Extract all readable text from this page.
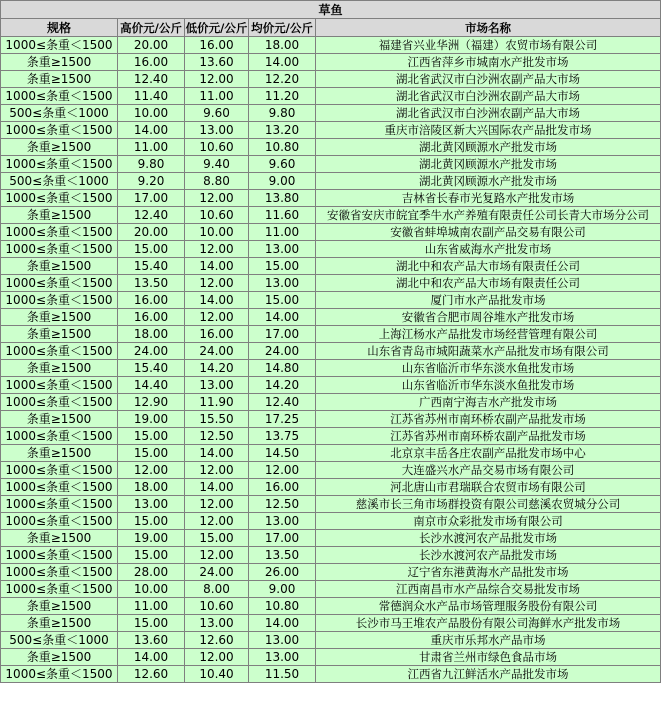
草鱼				
规格	高价元/公斤	低价元/公斤	均价元/公斤	市场名称
1000≤条重＜1500	20.00	16.00	18.00	福建省兴业华洲（福建）农贸市场有限公司
条重≥1500	16.00	13.60	14.00	江西省萍乡市城南水产批发市场
条重≥1500	12.40	12.00	12.20	湖北省武汉市白沙洲农副产品大市场
1000≤条重＜1500	11.40	11.00	11.20	湖北省武汉市白沙洲农副产品大市场
500≤条重＜1000	10.00	9.60	9.80	湖北省武汉市白沙洲农副产品大市场
1000≤条重＜1500	14.00	13.00	13.20	重庆市涪陵区新大兴国际农产品批发市场
条重≥1500	11.00	10.60	10.80	湖北黄冈顾源水产批发市场
1000≤条重＜1500	9.80	9.40	9.60	湖北黄冈顾源水产批发市场
500≤条重＜1000	9.20	8.80	9.00	湖北黄冈顾源水产批发市场
1000≤条重＜1500	17.00	12.00	13.80	吉林省长春市光复路水产批发市场
条重≥1500	12.40	10.60	11.60	安徽省安庆市皖宜季牛水产养殖有限责任公司长青大市场分公司
1000≤条重＜1500	20.00	10.00	11.00	安徽省蚌埠城南农副产品交易有限公司
1000≤条重＜1500	15.00	12.00	13.00	山东省威海水产批发市场
条重≥1500	15.40	14.00	15.00	湖北中和农产品大市场有限责任公司
1000≤条重＜1500	13.50	12.00	13.00	湖北中和农产品大市场有限责任公司
1000≤条重＜1500	16.00	14.00	15.00	厦门市水产品批发市场
条重≥1500	16.00	12.00	14.00	安徽省合肥市周谷堆水产批发市场
条重≥1500	18.00	16.00	17.00	上海江杨水产品批发市场经营管理有限公司
1000≤条重＜1500	24.00	24.00	24.00	山东省青岛市城阳蔬菜水产品批发市场有限公司
条重≥1500	15.40	14.20	14.80	山东省临沂市华东淡水鱼批发市场
1000≤条重＜1500	14.40	13.00	14.20	山东省临沂市华东淡水鱼批发市场
1000≤条重＜1500	12.90	11.90	12.40	广西南宁海吉水产批发市场
条重≥1500	19.00	15.50	17.25	江苏省苏州市南环桥农副产品批发市场
1000≤条重＜1500	15.00	12.50	13.75	江苏省苏州市南环桥农副产品批发市场
条重≥1500	15.00	14.00	14.50	北京京丰岳各庄农副产品批发市场中心
1000≤条重＜1500	12.00	12.00	12.00	大连盛兴水产品交易市场有限公司
1000≤条重＜1500	18.00	14.00	16.00	河北唐山市君瑞联合农贸市场有限公司
1000≤条重＜1500	13.00	12.00	12.50	慈溪市长三角市场群投资有限公司慈溪农贸城分公司
1000≤条重＜1500	15.00	12.00	13.00	南京市众彩批发市场有限公司
条重≥1500	19.00	15.00	17.00	长沙水渡河农产品批发市场
1000≤条重＜1500	15.00	12.00	13.50	长沙水渡河农产品批发市场
1000≤条重＜1500	28.00	24.00	26.00	辽宁省东港黄海水产品批发市场
1000≤条重＜1500	10.00	8.00	9.00	江西南昌市水产品综合交易批发市场
条重≥1500	11.00	10.60	10.80	常德润众水产品市场管理服务股份有限公司
条重≥1500	15.00	13.00	14.00	长沙市马王堆农产品股份有限公司海鲜水产批发市场
500≤条重＜1000	13.60	12.60	13.00	重庆市乐邦水产品市场
条重≥1500	14.00	12.00	13.00	甘肃省兰州市绿色食品市场
1000≤条重＜1500	12.60	10.40	11.50	江西省九江鲜活水产品批发市场
